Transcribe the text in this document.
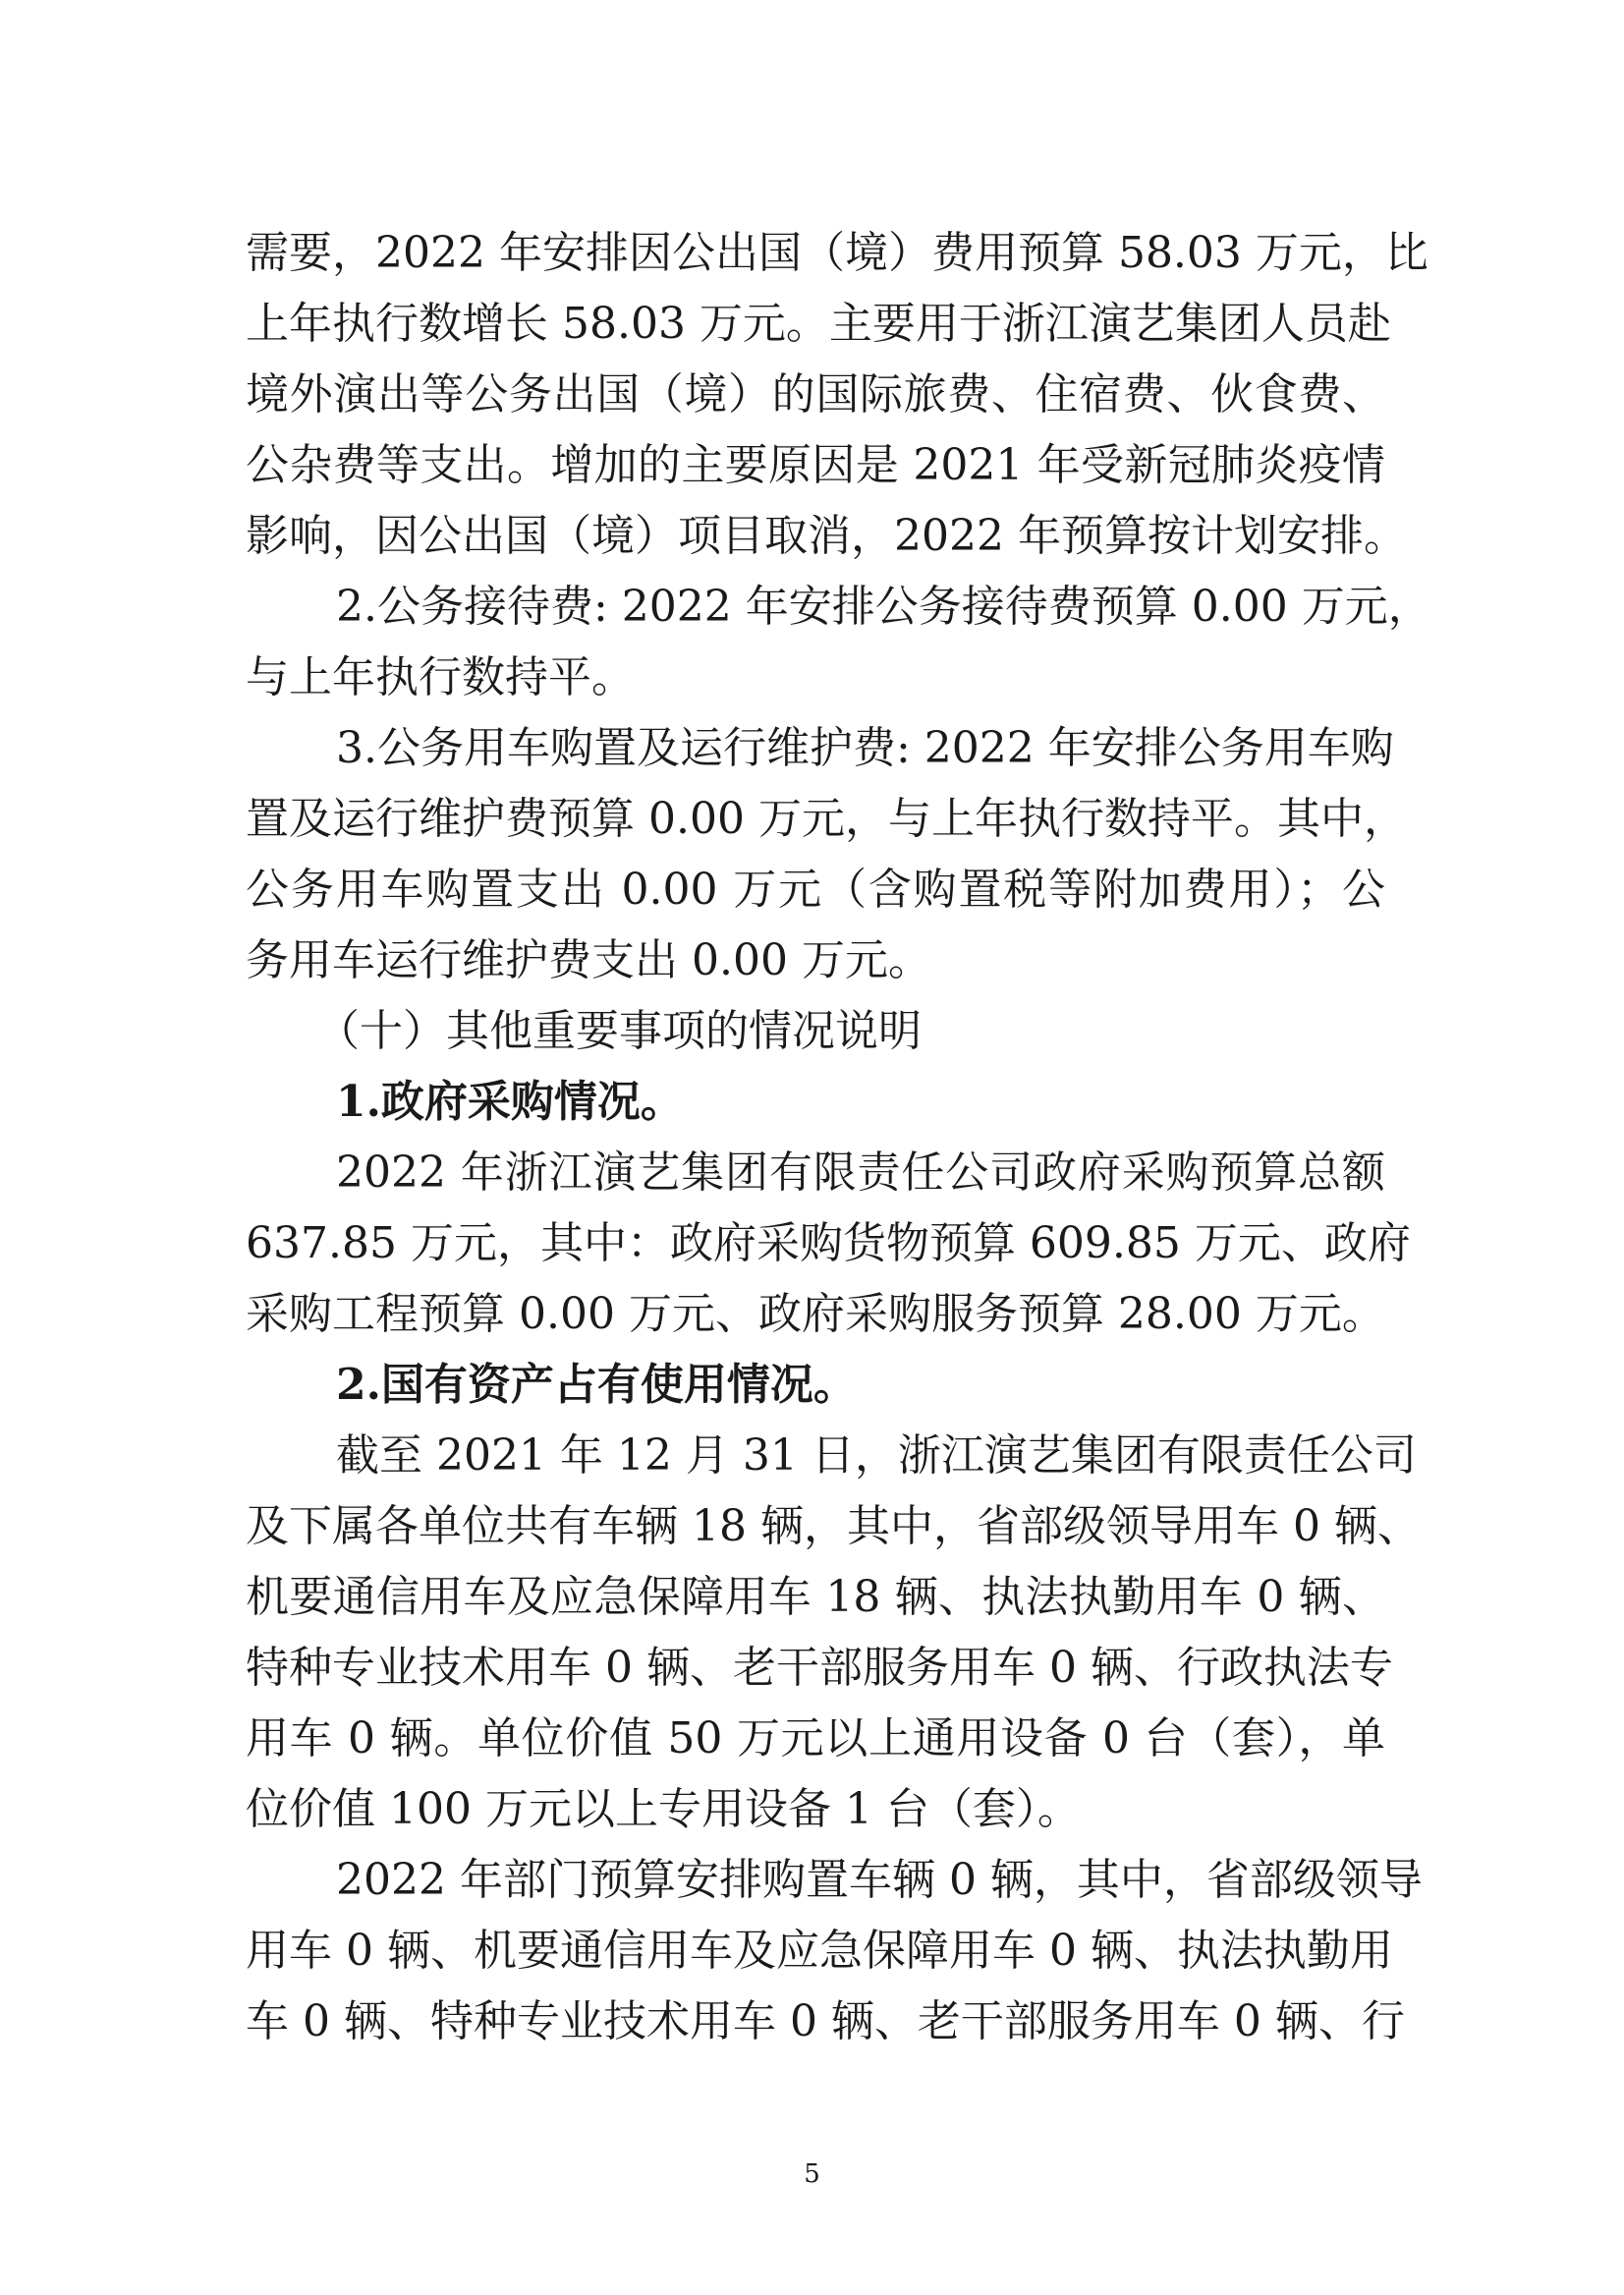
需要，2022 年安排因公出国（境）费用预算 58.03 万元，比
上年执行数增长 58.03 万元。主要用于浙江演艺集团人员赴
境外演出等公务出国（境）的国际旅费、住宿费、伙食费、
公杂费等支出。增加的主要原因是 2021 年受新冠肺炎疫情
影响，因公出国（境）项目取消，2022 年预算按计划安排。
2.公务接待费: 2022 年安排公务接待费预算 0.00 万元，
与上年执行数持平。
3.公务用车购置及运行维护费: 2022 年安排公务用车购
置及运行维护费预算 0.00 万元，与上年执行数持平。其中，
公务用车购置支出 0.00 万元（含购置税等附加费用）；公
务用车运行维护费支出 0.00 万元。
（十）其他重要事项的情况说明
1.政府采购情况。
2022 年浙江演艺集团有限责任公司政府采购预算总额
637.85 万元，其中：政府采购货物预算 609.85 万元、政府
采购工程预算 0.00 万元、政府采购服务预算 28.00 万元。
2.国有资产占有使用情况。
截至 2021 年 12 月 31 日，浙江演艺集团有限责任公司
及下属各单位共有车辆 18 辆，其中，省部级领导用车 0 辆、
机要通信用车及应急保障用车 18 辆、执法执勤用车 0 辆、
特种专业技术用车 0 辆、老干部服务用车 0 辆、行政执法专
用车 0 辆。单位价值 50 万元以上通用设备 0 台（套），单
位价值 100 万元以上专用设备 1 台（套）。
2022 年部门预算安排购置车辆 0 辆，其中，省部级领导
用车 0 辆、机要通信用车及应急保障用车 0 辆、执法执勤用
车 0 辆、特种专业技术用车 0 辆、老干部服务用车 0 辆、行
5
